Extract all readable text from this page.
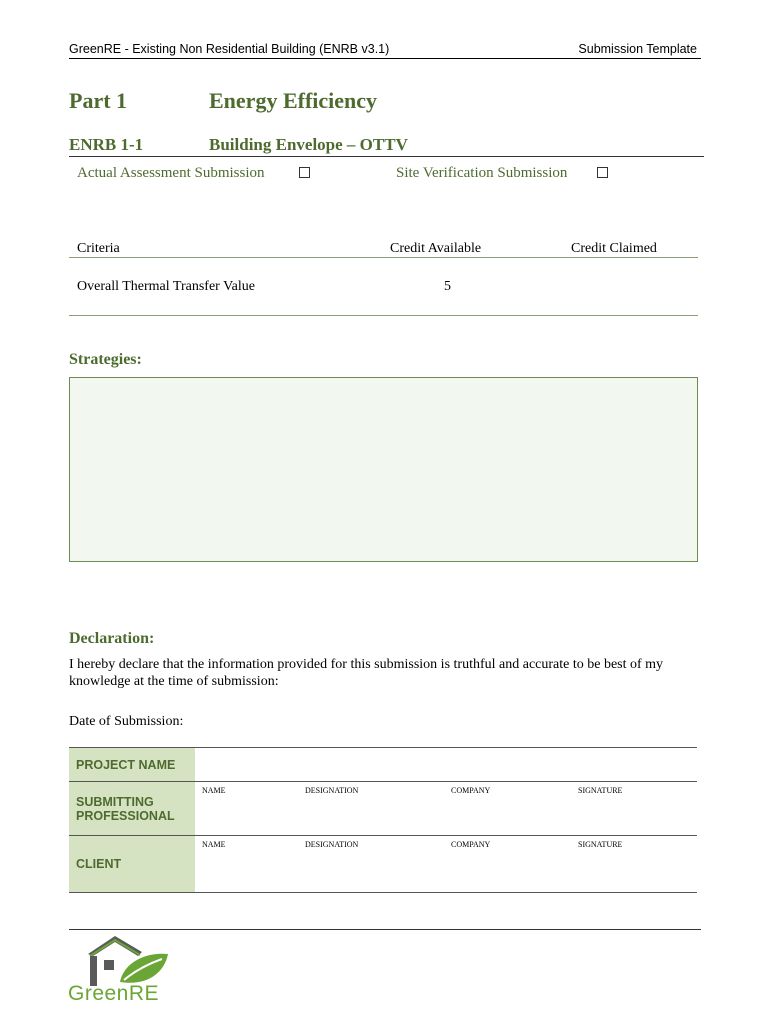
GreenRE - Existing Non Residential Building (ENRB v3.1)	Submission Template
Part 1	Energy Efficiency
ENRB 1-1	Building Envelope – OTTV
Actual Assessment Submission	Site Verification Submission
Criteria	Credit Available	Credit Claimed
Overall Thermal Transfer Value	5
Strategies:
Declaration:
I hereby declare that the information provided for this submission is truthful and accurate to be best of my knowledge at the time of submission:
Date of Submission:
PROJECT NAME	
SUBMITTING
PROFESSIONAL	NAME DESIGNATION COMPANY SIGNATURE

CLIENT	NAME DESIGNATION COMPANY SIGNATURE
GreenRE
